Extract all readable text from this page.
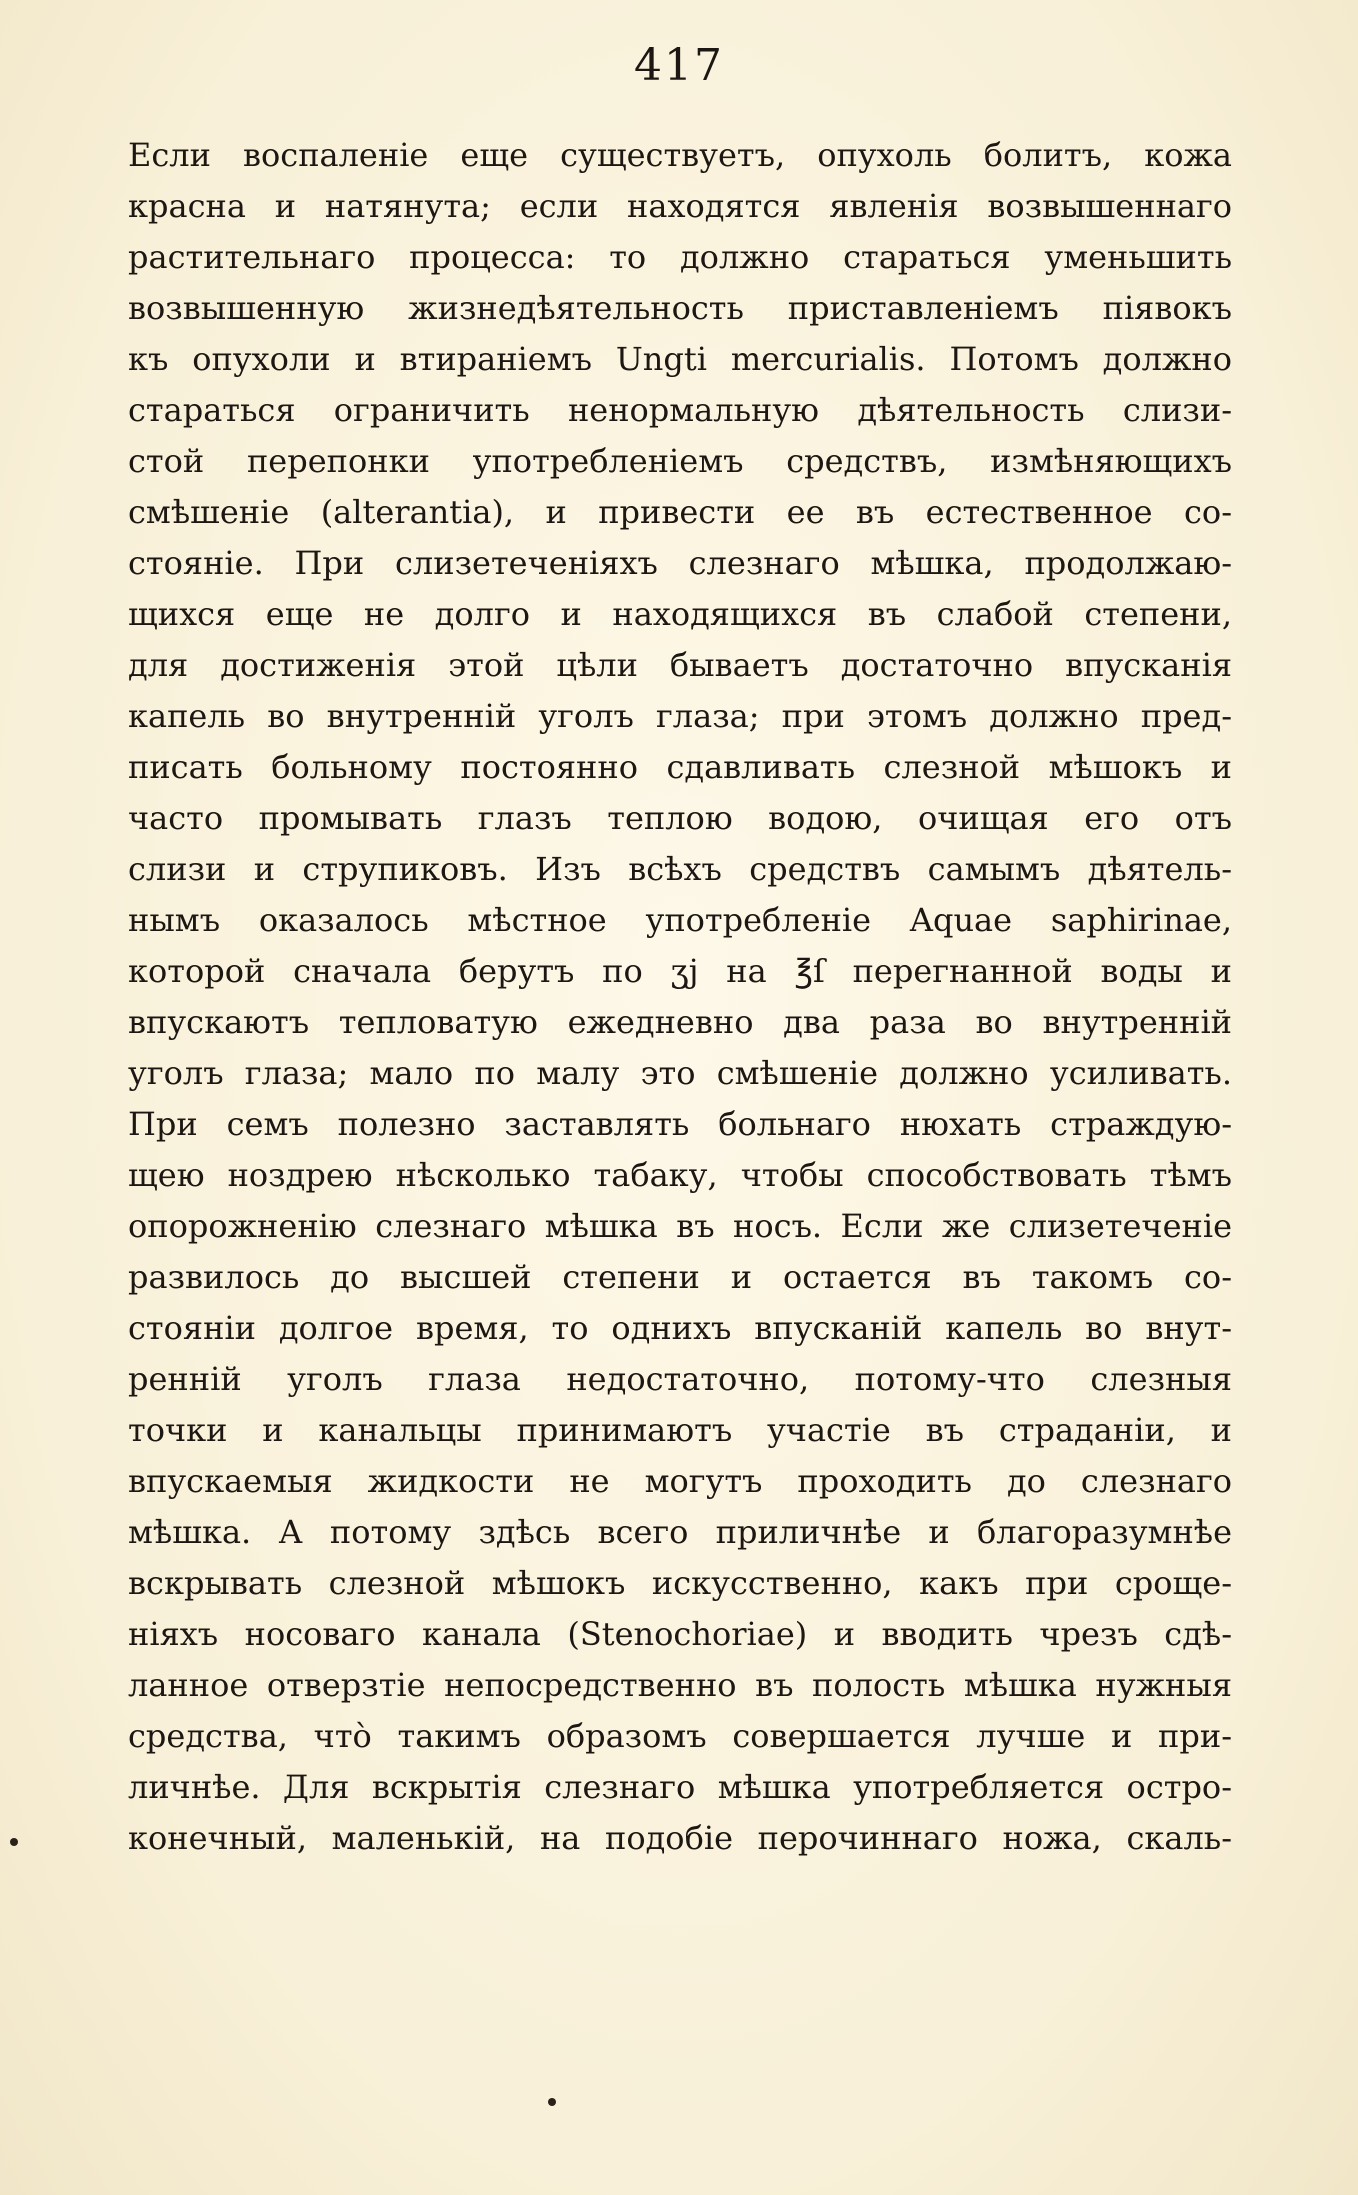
417
Если воспаленіе еще существуетъ, опухоль болитъ, кожа
красна и натянута; если находятся явленія возвышеннаго
растительнаго процесса: то должно стараться уменьшить
возвышенную жизнедѣятельность приставленіемъ піявокъ
къ опухоли и втираніемъ Ungti mercurialis. Потомъ должно
стараться ограничить ненормальную дѣятельность слизи-
стой перепонки употребленіемъ средствъ, измѣняющихъ
смѣшеніе (alterantia), и привести ее въ естественное со-
стояніе. При слизетеченіяхъ слезнаго мѣшка, продолжаю-
щихся еще не долго и находящихся въ слабой степени,
для достиженія этой цѣли бываетъ достаточно впусканія
капель во внутренній уголъ глаза; при этомъ должно пред-
писать больному постоянно сдавливать слезной мѣшокъ и
часто промывать глазъ теплою водою, очищая его отъ
слизи и струпиковъ. Изъ всѣхъ средствъ самымъ дѣятель-
нымъ оказалось мѣстное употребленіе Aquae saphirinae,
которой сначала берутъ по ʒj на ℥ſ перегнанной воды и
впускаютъ тепловатую ежедневно два раза во внутренній
уголъ глаза; мало по малу это смѣшеніе должно усиливать.
При семъ полезно заставлять больнаго нюхать страждую-
щею ноздрею нѣсколько табаку, чтобы способствовать тѣмъ
опорожненію слезнаго мѣшка въ носъ. Если же слизетеченіе
развилось до высшей степени и остается въ такомъ со-
стояніи долгое время, то однихъ впусканій капель во внут-
ренній уголъ глаза недостаточно, потому-что слезныя
точки и канальцы принимаютъ участіе въ страданіи, и
впускаемыя жидкости не могутъ проходить до слезнаго
мѣшка. А потому здѣсь всего приличнѣе и благоразумнѣе
вскрывать слезной мѣшокъ искусственно, какъ при срощe-
ніяхъ носоваго канала (Stenochoriae) и вводить чрезъ сдѣ-
ланное отверзтіе непосредственно въ полость мѣшка нужныя
средства, что̀ такимъ образомъ совершается лучше и при-
личнѣе. Для вскрытія слезнаго мѣшка употребляется остро-
конечный, маленькій, на подобіе перочиннаго ножа, скаль-
